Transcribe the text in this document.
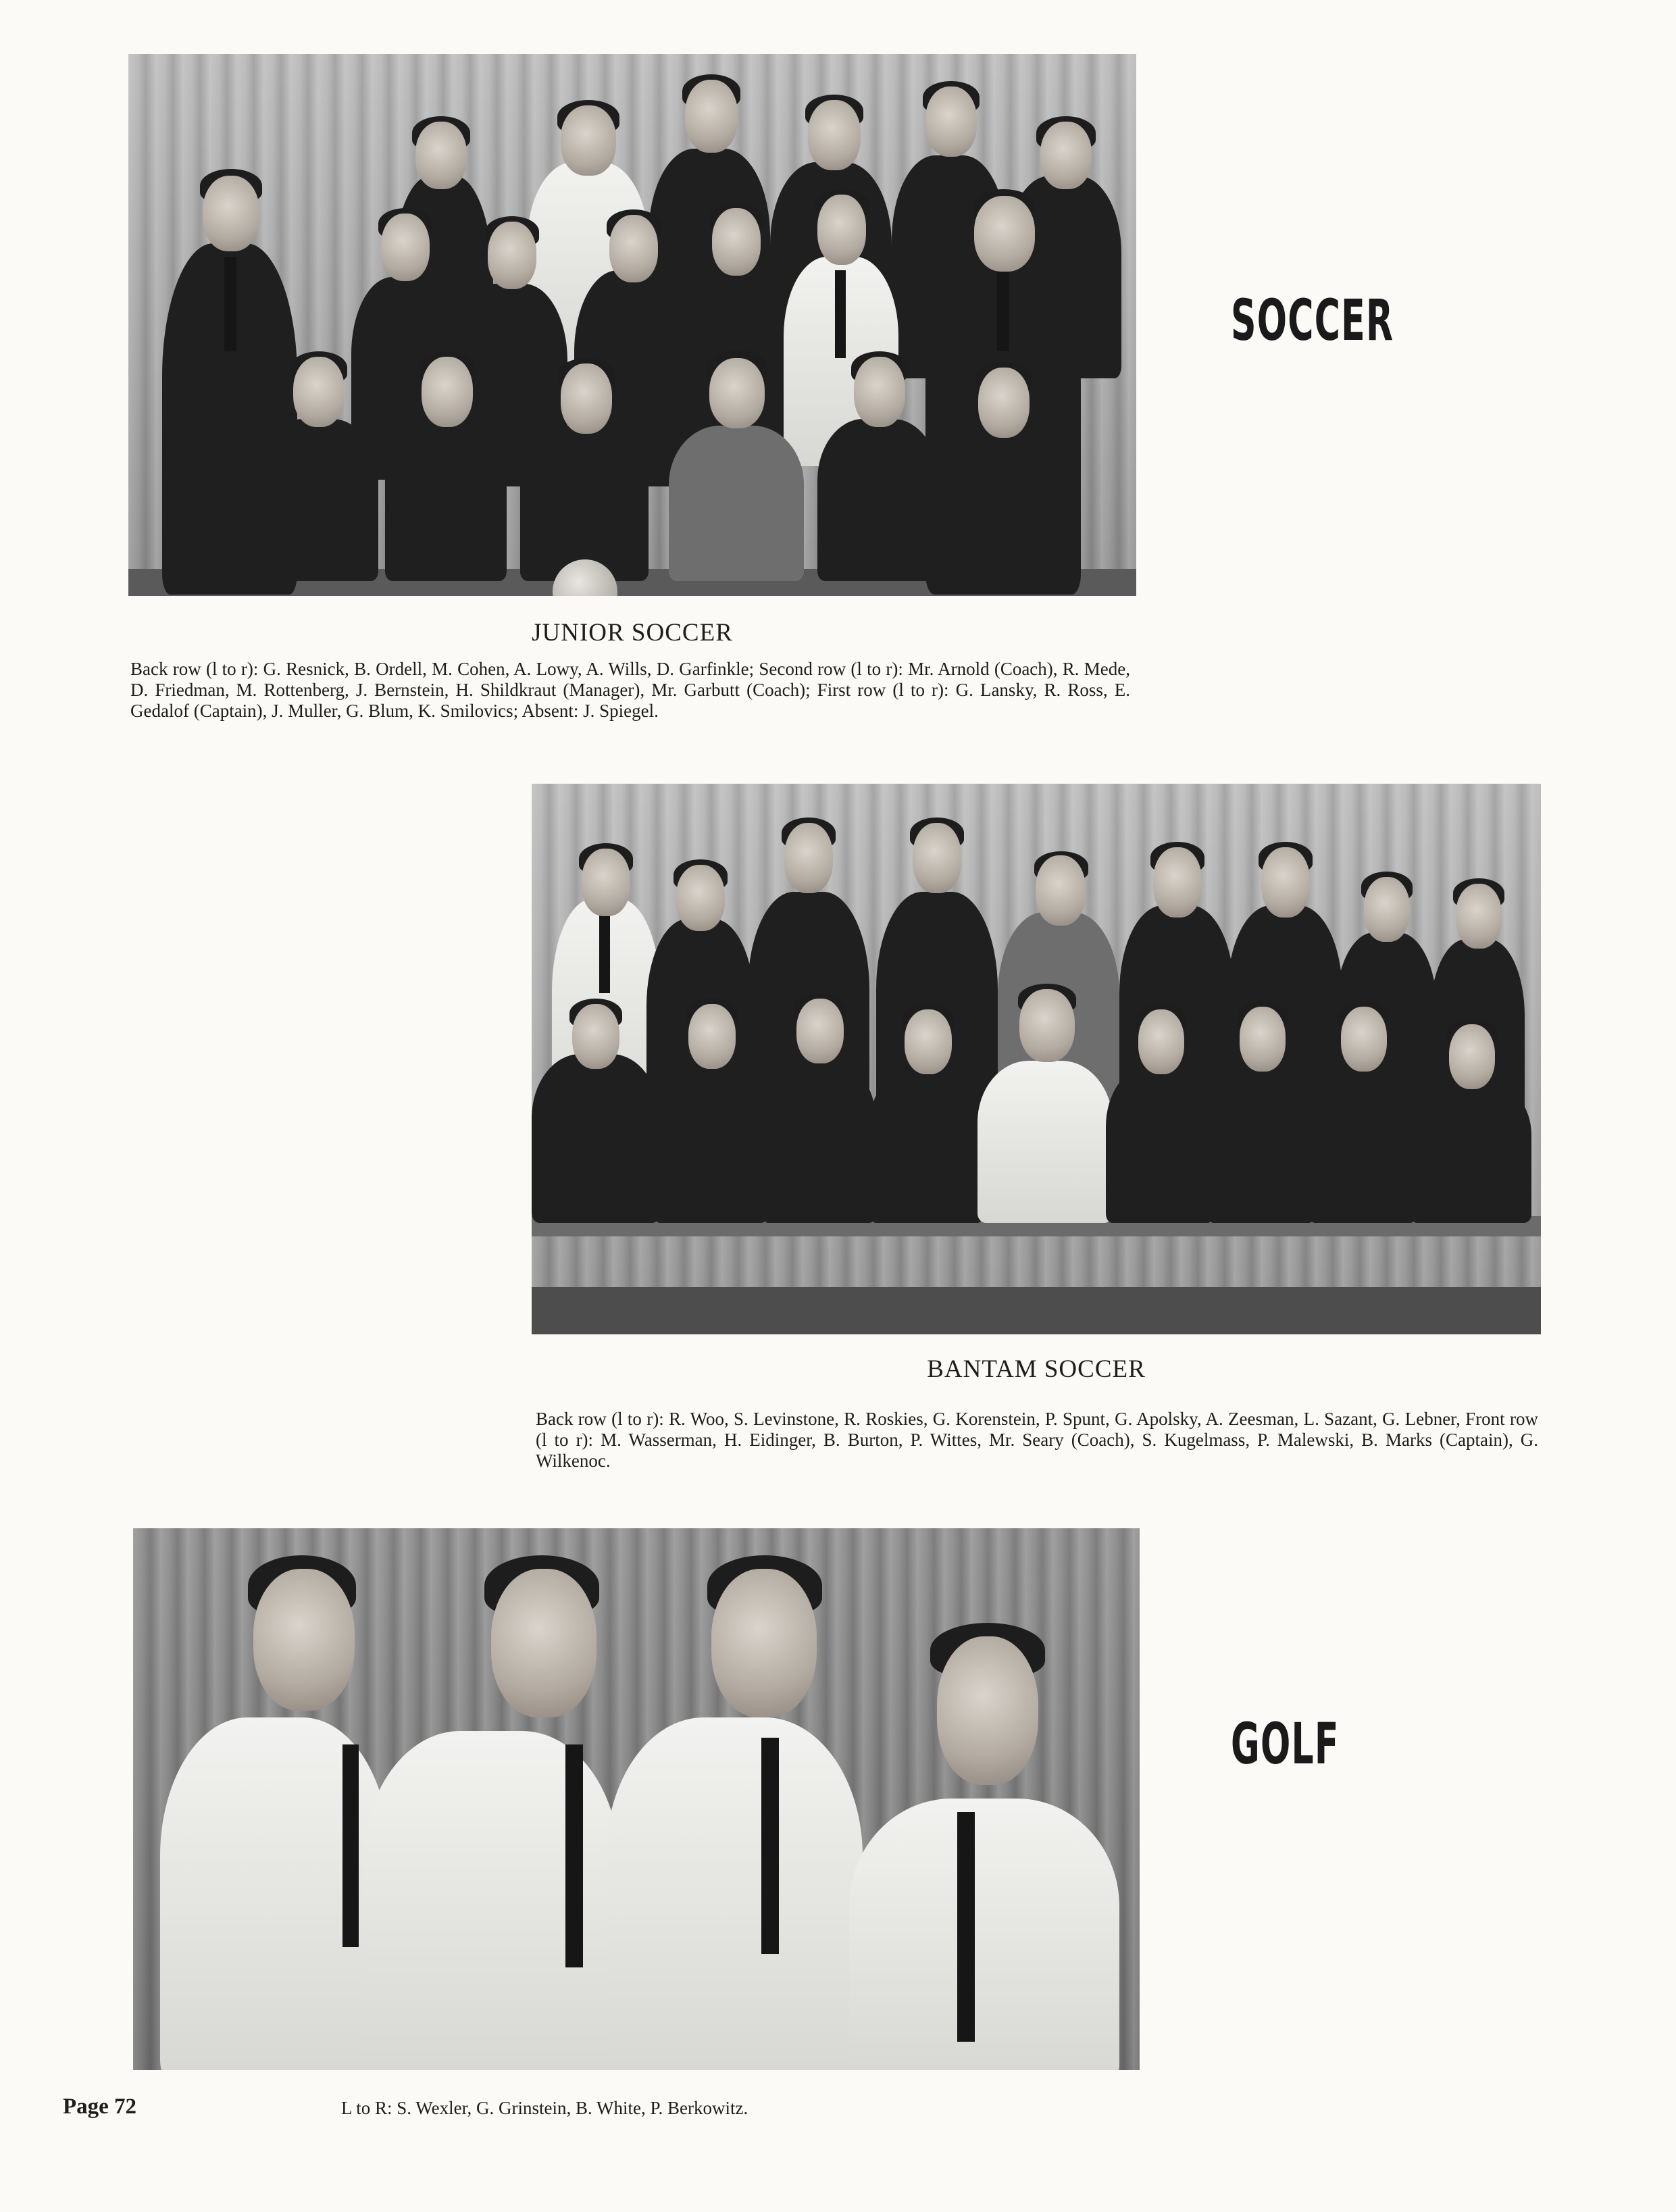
SOCCER
JUNIOR SOCCER
Back row (l to r): G. Resnick, B. Ordell, M. Cohen, A. Lowy, A. Wills, D. Garfinkle; Second row (l to r): Mr. Arnold (Coach), R. Mede, D. Friedman, M. Rottenberg, J. Bernstein, H. Shildkraut (Manager), Mr. Garbutt (Coach); First row (l to r): G. Lansky, R. Ross, E. Gedalof (Captain), J. Muller, G. Blum, K. Smilovics; Absent: J. Spiegel.
BANTAM SOCCER
Back row (l to r): R. Woo, S. Levinstone, R. Roskies, G. Korenstein, P. Spunt, G. Apolsky, A. Zeesman, L. Sazant, G. Lebner, Front row (l to r): M. Wasserman, H. Eidinger, B. Burton, P. Wittes, Mr. Seary (Coach), S. Kugelmass, P. Malewski, B. Marks (Captain), G. Wilkenoc.
GOLF
Page 72	L to R: S. Wexler, G. Grinstein, B. White, P. Berkowitz.
